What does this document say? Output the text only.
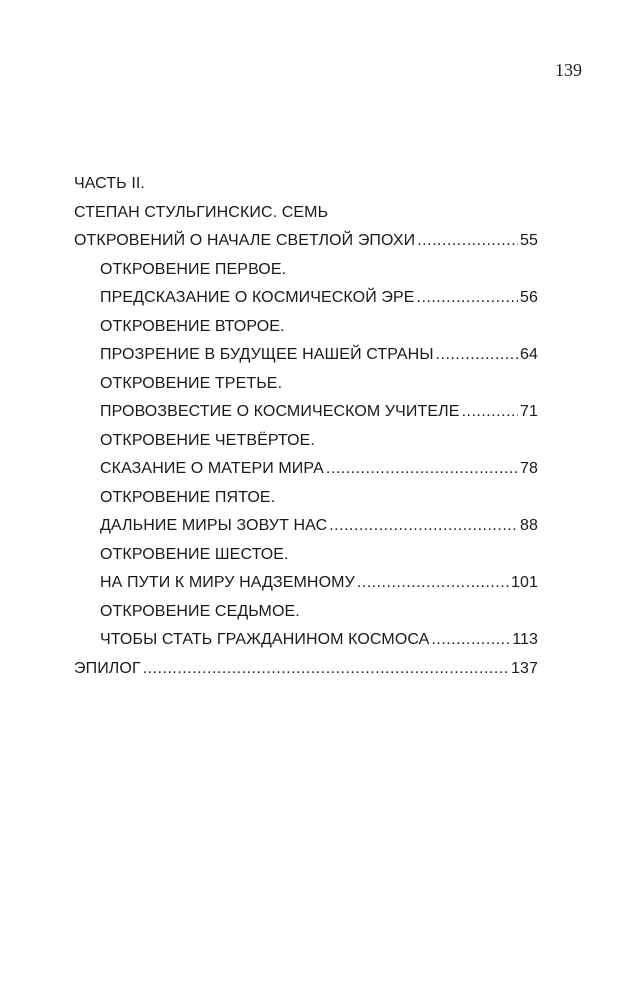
139
ЧАСТЬ II.
СТЕПАН СТУЛЬГИНСКИС. СЕМЬ
ОТКРОВЕНИЙ О НАЧАЛЕ СВЕТЛОЙ ЭПОХИ .....	55
ОТКРОВЕНИЕ ПЕРВОЕ.
ПРЕДСКАЗАНИЕ О КОСМИЧЕСКОЙ ЭРЕ .....	56
ОТКРОВЕНИЕ ВТОРОЕ.
ПРОЗРЕНИЕ В БУДУЩЕЕ НАШЕЙ СТРАНЫ .....	64
ОТКРОВЕНИЕ ТРЕТЬЕ.
ПРОВОЗВЕСТИЕ О КОСМИЧЕСКОМ УЧИТЕЛЕ .....	71
ОТКРОВЕНИЕ ЧЕТВЁРТОЕ.
СКАЗАНИЕ О МАТЕРИ МИРА .....	78
ОТКРОВЕНИЕ ПЯТОЕ.
ДАЛЬНИЕ МИРЫ ЗОВУТ НАС .....	88
ОТКРОВЕНИЕ ШЕСТОЕ.
НА ПУТИ К МИРУ НАДЗЕМНОМУ .....	101
ОТКРОВЕНИЕ СЕДЬМОЕ.
ЧТОБЫ СТАТЬ ГРАЖДАНИНОМ КОСМОСА .....	113
ЭПИЛОГ .....	137
